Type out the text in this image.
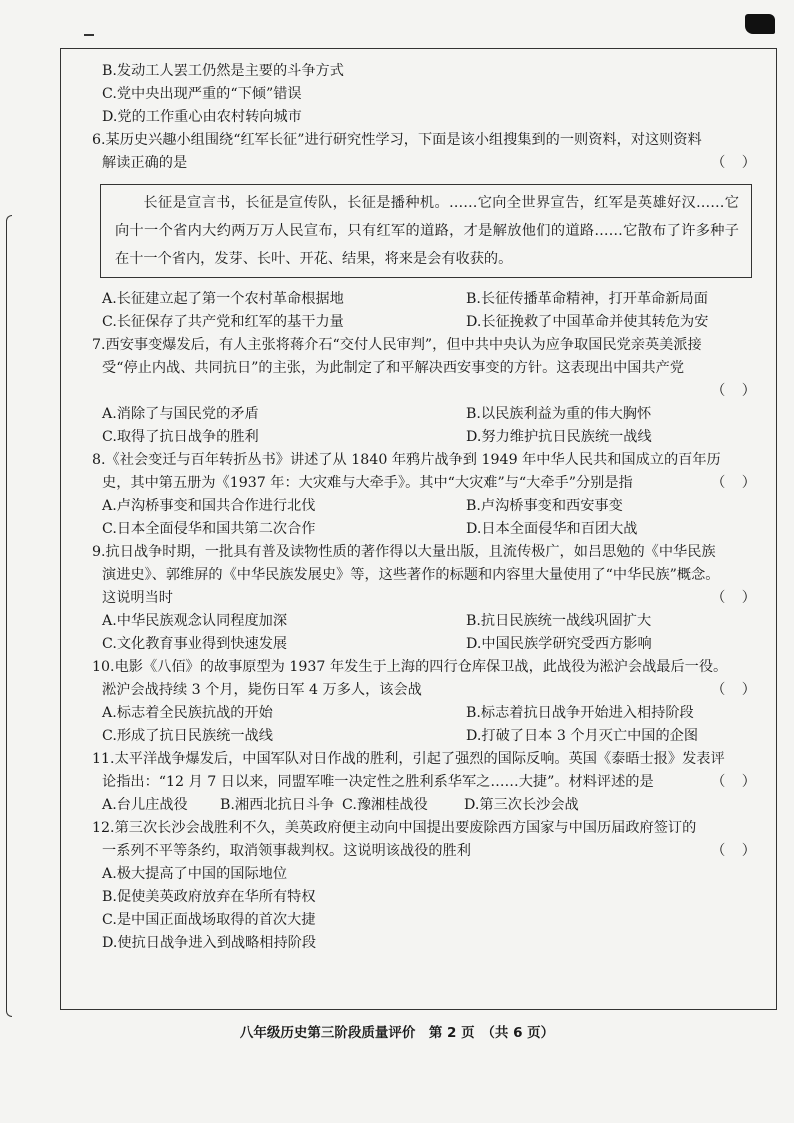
B.发动工人罢工仍然是主要的斗争方式
C.党中央出现严重的“下倾”错误
D.党的工作重心由农村转向城市
6.某历史兴趣小组围绕“红军长征”进行研究性学习，下面是该小组搜集到的一则资料，对这则资料
解读正确的是	（ ）

长征是宣言书，长征是宣传队，长征是播种机。……它向全世界宣告，红军是英雄好汉……它向十一个省内大约两万万人民宣布，只有红军的道路，才是解放他们的道路……它散布了许多种子在十一个省内，发芽、长叶、开花、结果，将来是会有收获的。

A.长征建立起了第一个农村革命根据地	B.长征传播革命精神，打开革命新局面
C.长征保存了共产党和红军的基干力量	D.长征挽救了中国革命并使其转危为安
7.西安事变爆发后，有人主张将蒋介石“交付人民审判”，但中共中央认为应争取国民党亲英美派接
受“停止内战、共同抗日”的主张，为此制定了和平解决西安事变的方针。这表现出中国共产党
（ ）
A.消除了与国民党的矛盾	B.以民族利益为重的伟大胸怀
C.取得了抗日战争的胜利	D.努力维护抗日民族统一战线
8.《社会变迁与百年转折丛书》讲述了从 1840 年鸦片战争到 1949 年中华人民共和国成立的百年历
史，其中第五册为《1937 年：大灾难与大牵手》。其中“大灾难”与“大牵手”分别是指	（ ）
A.卢沟桥事变和国共合作进行北伐	B.卢沟桥事变和西安事变
C.日本全面侵华和国共第二次合作	D.日本全面侵华和百团大战
9.抗日战争时期，一批具有普及读物性质的著作得以大量出版，且流传极广，如吕思勉的《中华民族
演进史》、郭维屏的《中华民族发展史》等，这些著作的标题和内容里大量使用了“中华民族”概念。
这说明当时	（ ）
A.中华民族观念认同程度加深	B.抗日民族统一战线巩固扩大
C.文化教育事业得到快速发展	D.中国民族学研究受西方影响
10.电影《八佰》的故事原型为 1937 年发生于上海的四行仓库保卫战，此战役为淞沪会战最后一役。
淞沪会战持续 3 个月，毙伤日军 4 万多人，该会战	（ ）
A.标志着全民族抗战的开始	B.标志着抗日战争开始进入相持阶段
C.形成了抗日民族统一战线	D.打破了日本 3 个月灭亡中国的企图
11.太平洋战争爆发后，中国军队对日作战的胜利，引起了强烈的国际反响。英国《泰晤士报》发表评
论指出：“12 月 7 日以来，同盟军唯一决定性之胜利系华军之……大捷”。材料评述的是	（ ）
A.台儿庄战役	B.湘西北抗日斗争 C.豫湘桂战役	D.第三次长沙会战
12.第三次长沙会战胜利不久，美英政府便主动向中国提出要废除西方国家与中国历届政府签订的
一系列不平等条约，取消领事裁判权。这说明该战役的胜利	（ ）
A.极大提高了中国的国际地位
B.促使美英政府放弃在华所有特权
C.是中国正面战场取得的首次大捷
D.使抗日战争进入到战略相持阶段
八年级历史第三阶段质量评价　第 2 页　（共 6 页）
